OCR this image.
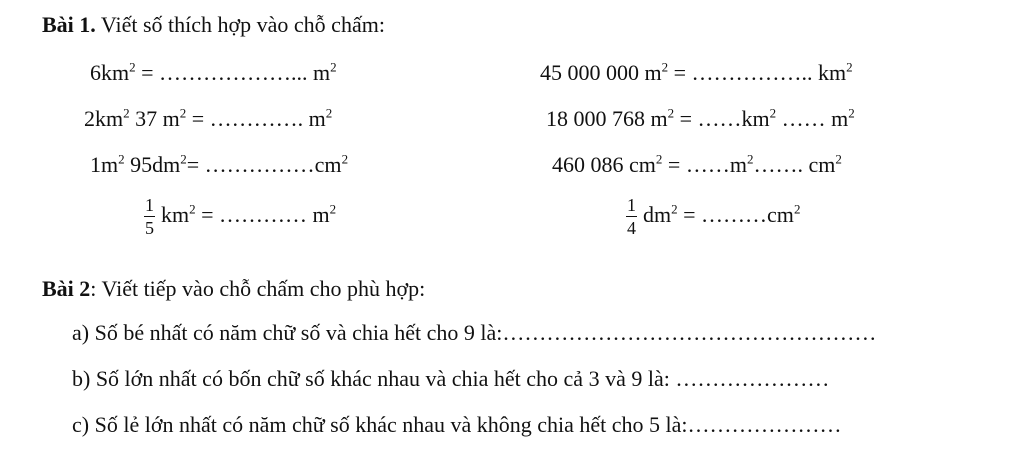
Bài 1. Viết số thích hợp vào chỗ chấm:
$6km^2$ = ………………... $m^2$	45 000 000 $m^2$ = …………….. $km^2$
$2km^2$ 37 $m^2$ = …………. $m^2$	18 000 768 $m^2$ = $\dots\dots km^2$ …… $m^2$
$1m^2$ $95dm^2=$ $\dots\dots\dots\dots\dots cm^2$	460 086 $cm^2$ = $\dots\dots m^2\dots\dots$. $cm^2$
$\frac{1}{5} km^2$ = ………… $m^2$	$\frac{1}{4} dm^2$ = $\dots\dots\dots cm^2$
Bài 2: Viết tiếp vào chỗ chấm cho phù hợp:
a) Số bé nhất có năm chữ số và chia hết cho 9 là:……………………………………………
b) Số lớn nhất có bốn chữ số khác nhau và chia hết cho cả 3 và 9 là: …………………
c) Số lẻ lớn nhất có năm chữ số khác nhau và không chia hết cho 5 là:…………………
